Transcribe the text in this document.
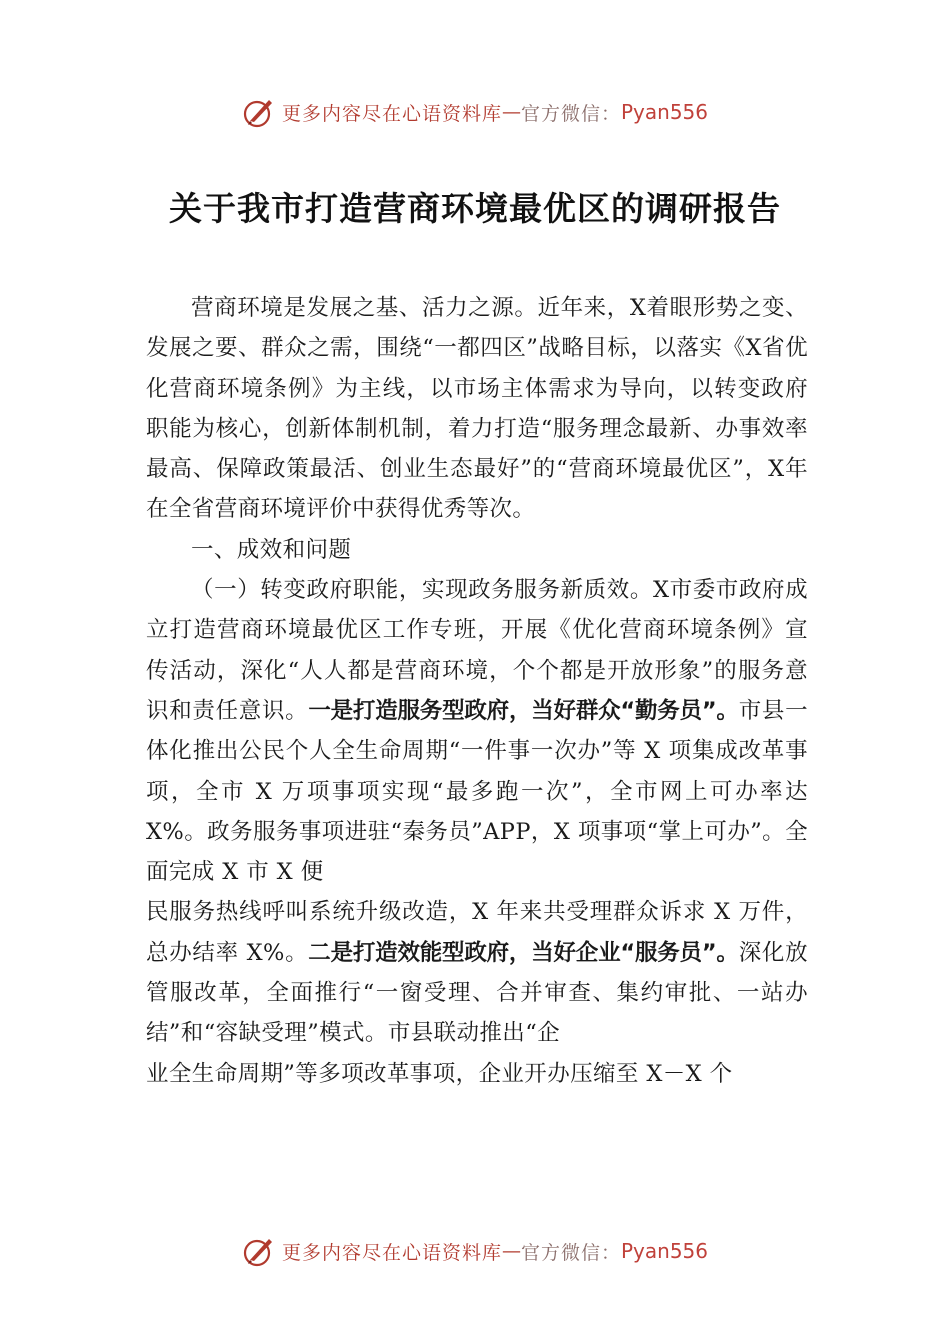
更多内容尽在心语资料库 — 官方微信： Pyan556
关于我市打造营商环境最优区的调研报告

营商环境是发展之基、活力之源。近年来，X着眼形势之变、发展之要、群众之需，围绕“一都四区”战略目标，以落实《X省优化营商环境条例》为主线，以市场主体需求为导向，以转变政府职能为核心，创新体制机制，着力打造“服务理念最新、办事效率最高、保障政策最活、创业生态最好”的“营商环境最优区”，X年在全省营商环境评价中获得优秀等次。

一、成效和问题

（一）转变政府职能，实现政务服务新质效。X市委市政府成立打造营商环境最优区工作专班，开展《优化营商环境条例》宣传活动，深化“人人都是营商环境，个个都是开放形象”的服务意识和责任意识。一是打造服务型政府，当好群众“勤务员”。市县一体化推出公民个人全生命周期“一件事一次办”等 X 项集成改革事项，全市 X 万项事项实现“最多跑一次”，全市网上可办率达 X%。政务服务事项进驻“秦务员”APP，X 项事项“掌上可办”。全面完成 X 市 X 便

民服务热线呼叫系统升级改造，X 年来共受理群众诉求 X 万件，总办结率 X%。二是打造效能型政府，当好企业“服务员”。深化放管服改革，全面推行“一窗受理、合并审查、集约审批、一站办结”和“容缺受理”模式。市县联动推出“企

业全生命周期”等多项改革事项，企业开办压缩至 X－X 个

更多内容尽在心语资料库 — 官方微信： Pyan556
